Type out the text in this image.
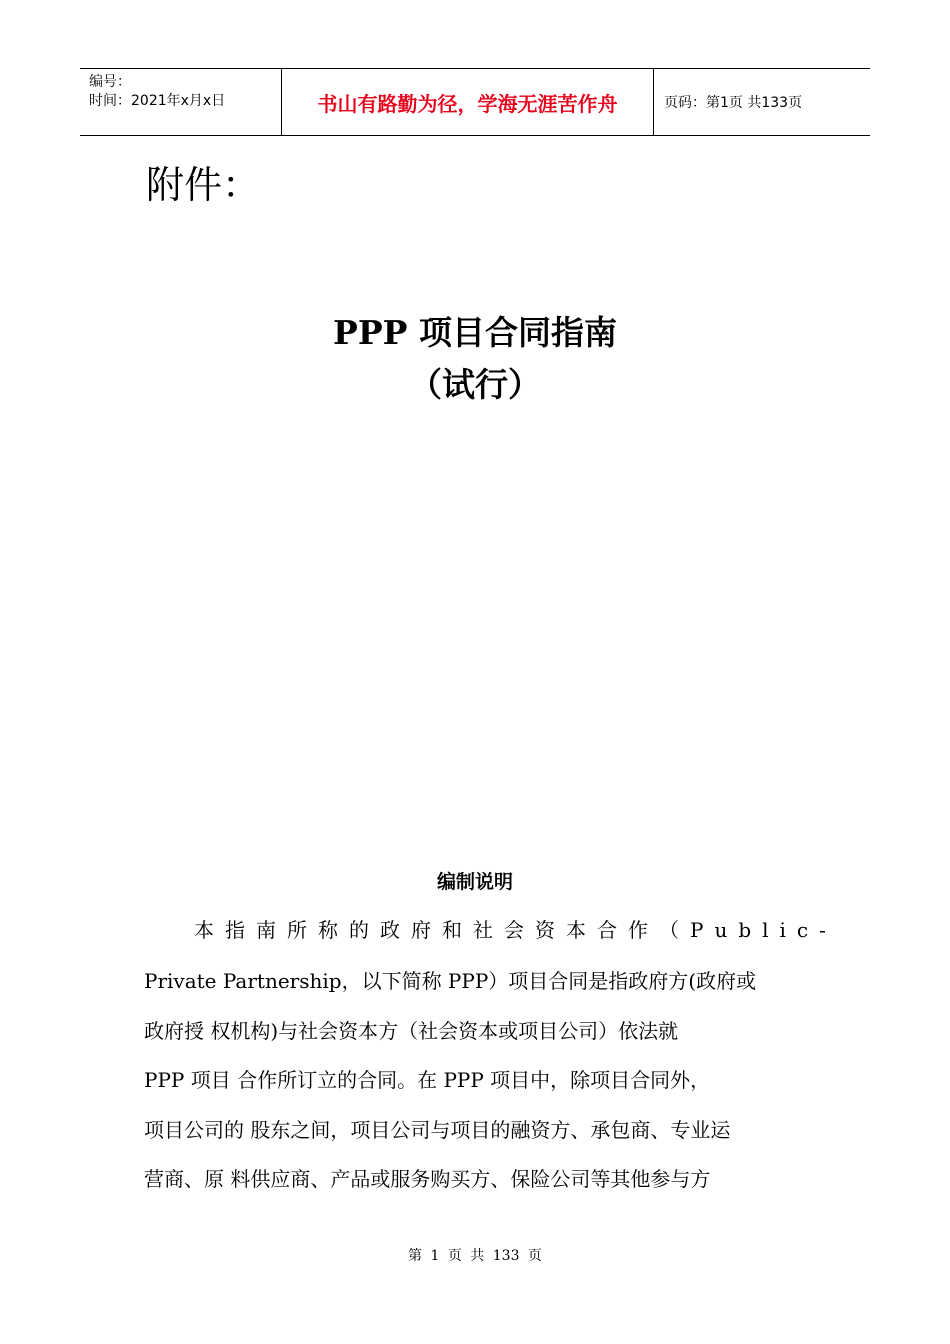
编号：
时间：2021年x月x日	书山有路勤为径，学海无涯苦作舟	页码：第1页 共133页
附件：
PPP 项目合同指南
（试行）
编制说明
本指南所称的政府和社会资本合作（Public-
Private Partnership，以下简称 PPP）项目合同是指政府方(政府或
政府授 权机构)与社会资本方（社会资本或项目公司）依法就
PPP 项目 合作所订立的合同。在 PPP 项目中，除项目合同外，
项目公司的 股东之间，项目公司与项目的融资方、承包商、专业运
营商、原 料供应商、产品或服务购买方、保险公司等其他参与方
第 1 页 共 133 页
